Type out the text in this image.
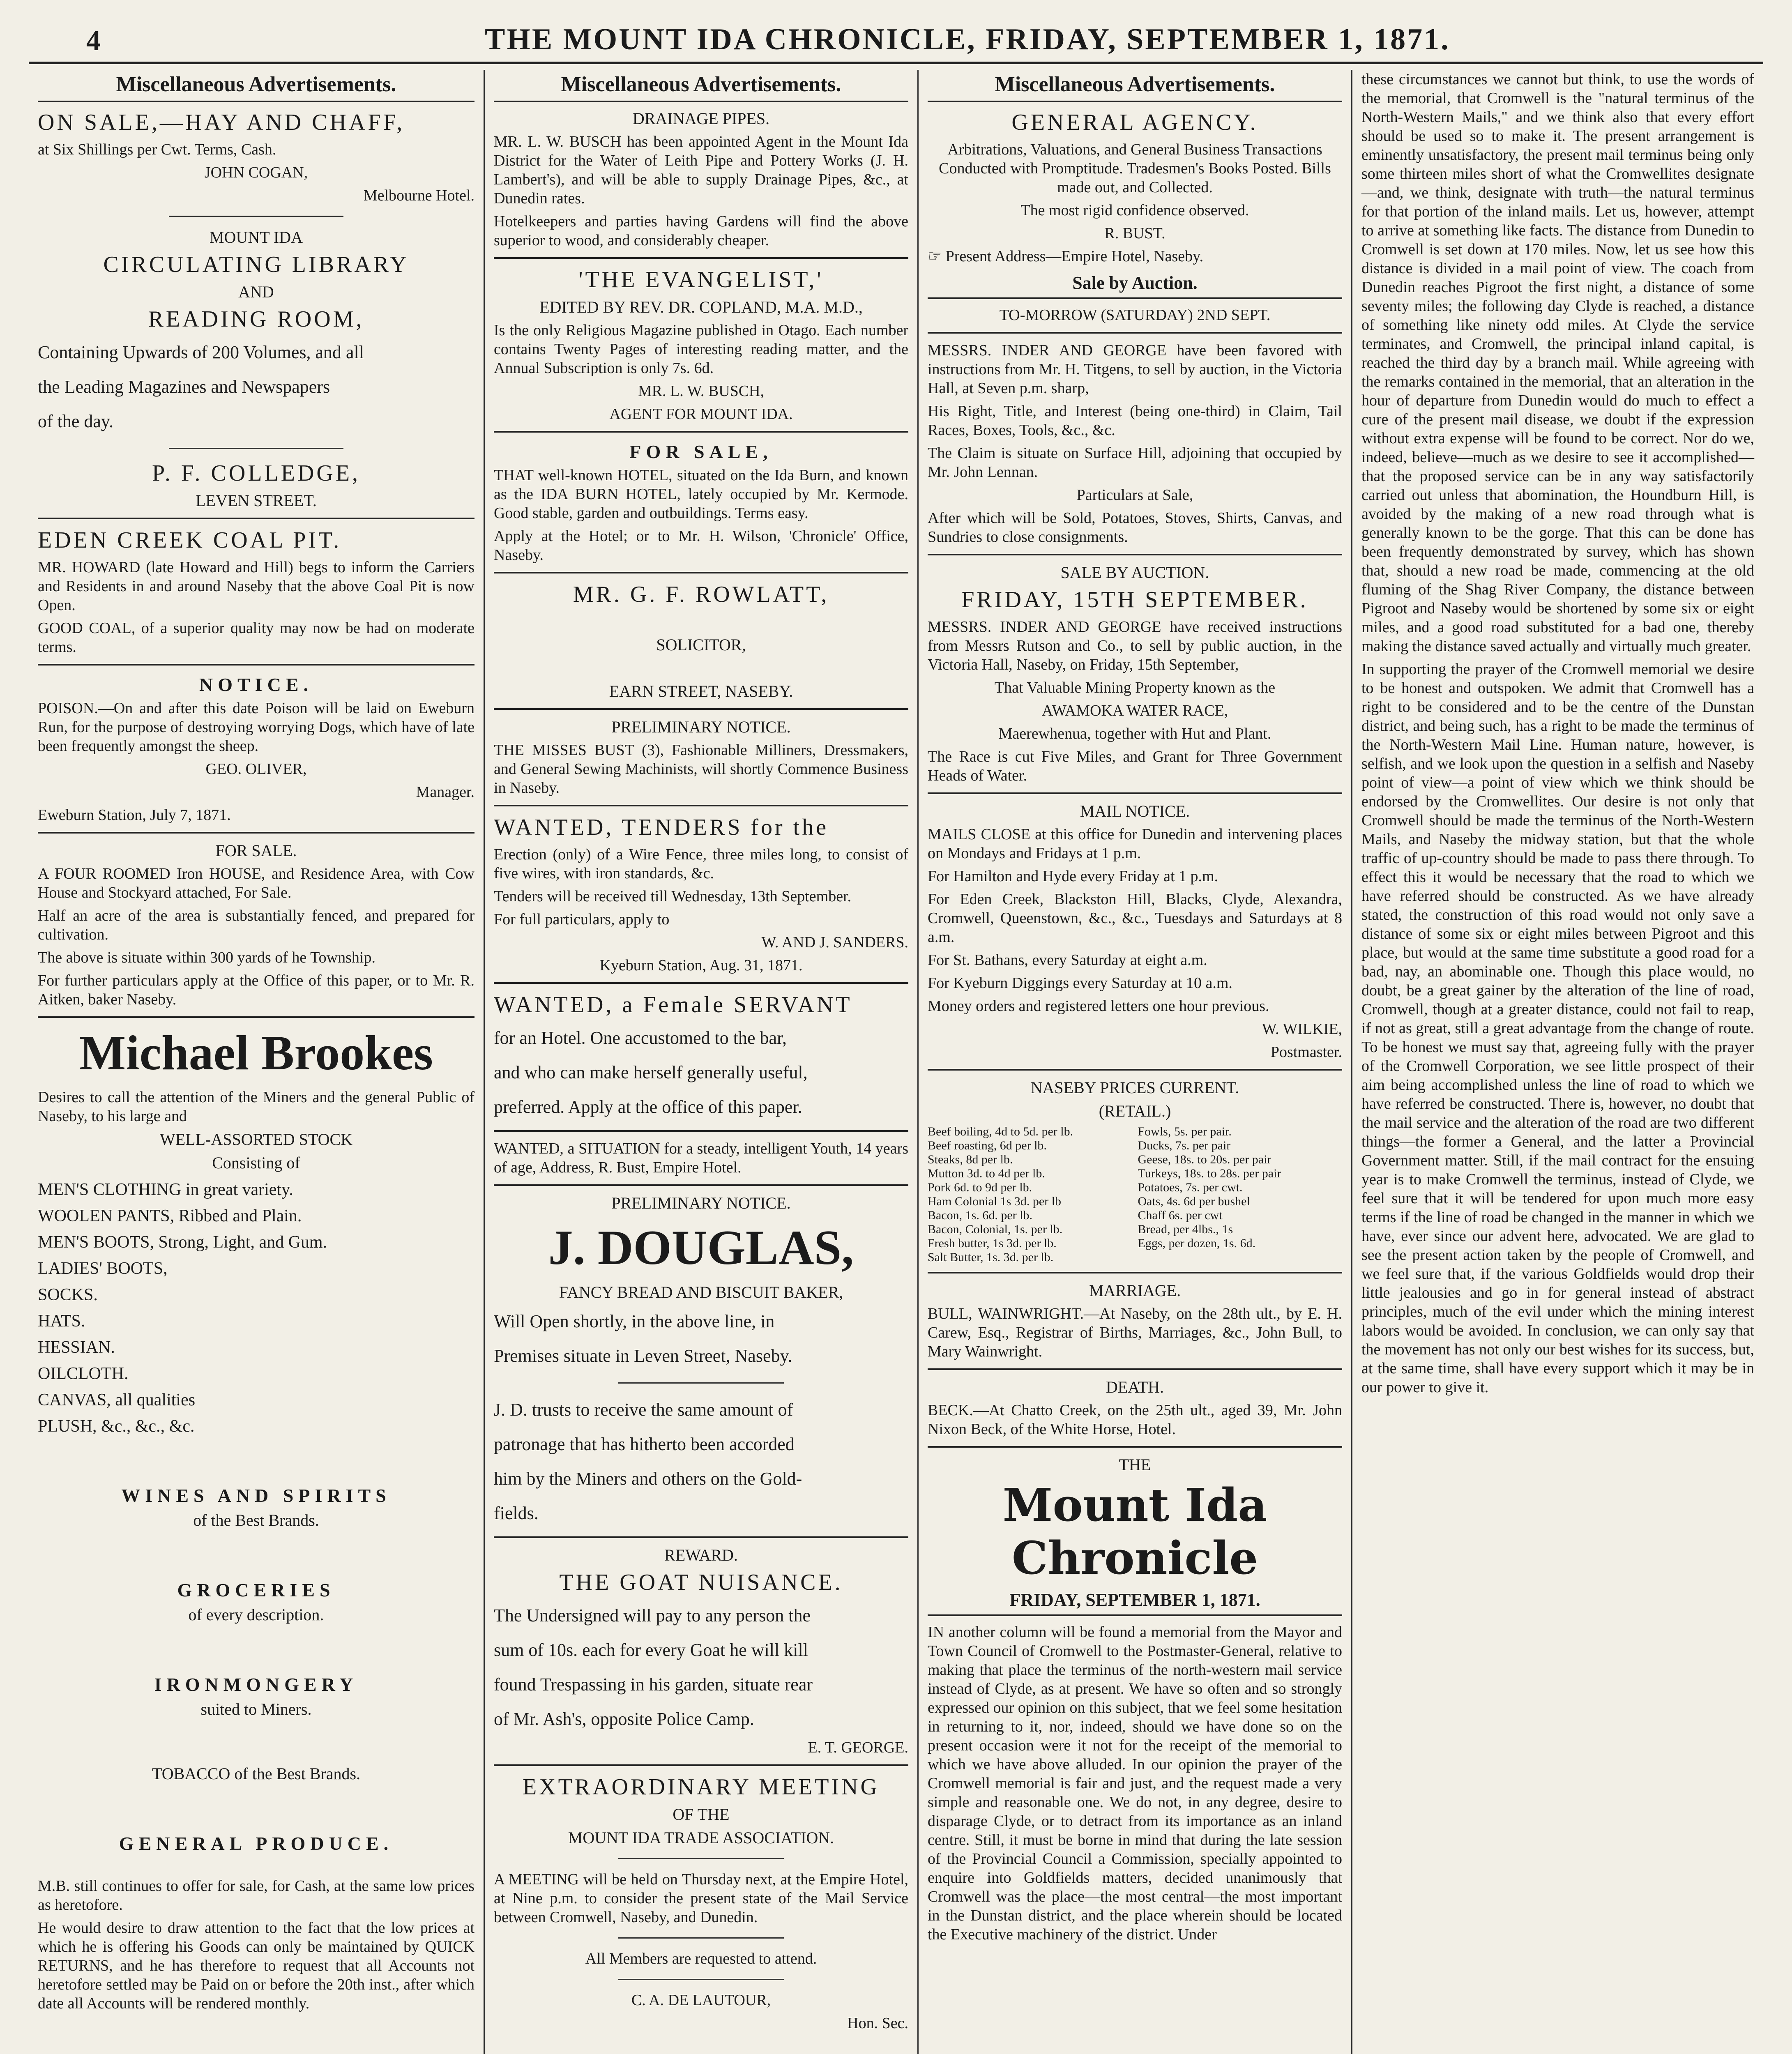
4	THE MOUNT IDA CHRONICLE, FRIDAY, SEPTEMBER 1, 1871.
Miscellaneous Advertisements.
ON SALE,—HAY AND CHAFF,
at Six Shillings per Cwt. Terms, Cash.
JOHN COGAN,
Melbourne Hotel.
MOUNT IDA
CIRCULATING LIBRARY
AND
READING ROOM,
Containing Upwards of 200 Volumes, and all
the Leading Magazines and Newspapers
of the day.
P. F. COLLEDGE,
LEVEN STREET.
EDEN CREEK COAL PIT.
MR. HOWARD (late Howard and Hill) begs to inform the Carriers and Residents in and around Naseby that the above Coal Pit is now Open.
GOOD COAL, of a superior quality may now be had on moderate terms.
NOTICE.
POISON.—On and after this date Poison will be laid on Eweburn Run, for the purpose of destroying worrying Dogs, which have of late been frequently amongst the sheep.
GEO. OLIVER,
Manager.
Eweburn Station, July 7, 1871.
FOR SALE.
A FOUR ROOMED Iron HOUSE, and Residence Area, with Cow House and Stockyard attached, For Sale.
Half an acre of the area is substantially fenced, and prepared for cultivation.
The above is situate within 300 yards of he Township.
For further particulars apply at the Office of this paper, or to Mr. R. Aitken, baker Naseby.
Michael Brookes
Desires to call the attention of the Miners and the general Public of Naseby, to his large and
WELL-ASSORTED STOCK
Consisting of
MEN'S CLOTHING in great variety.
WOOLEN PANTS, Ribbed and Plain.
MEN'S BOOTS, Strong, Light, and Gum.
LADIES' BOOTS,
SOCKS.
HATS.
HESSIAN.
OILCLOTH.
CANVAS, all qualities
PLUSH, &c., &c., &c.
WINES AND SPIRITS
of the Best Brands.
GROCERIES
of every description.
IRONMONGERY
suited to Miners.
TOBACCO of the Best Brands.
GENERAL PRODUCE.
M.B. still continues to offer for sale, for Cash, at the same low prices as heretofore.
He would desire to draw attention to the fact that the low prices at which he is offering his Goods can only be maintained by QUICK RETURNS, and he has therefore to request that all Accounts not heretofore settled may be Paid on or before the 20th inst., after which date all Accounts will be rendered monthly.
Miscellaneous Advertisements.
DRAINAGE PIPES.
MR. L. W. BUSCH has been appointed Agent in the Mount Ida District for the Water of Leith Pipe and Pottery Works (J. H. Lambert's), and will be able to supply Drainage Pipes, &c., at Dunedin rates.
Hotelkeepers and parties having Gardens will find the above superior to wood, and considerably cheaper.
'THE EVANGELIST,'
EDITED BY REV. DR. COPLAND, M.A. M.D.,
Is the only Religious Magazine published in Otago. Each number contains Twenty Pages of interesting reading matter, and the Annual Subscription is only 7s. 6d.
MR. L. W. BUSCH,
AGENT FOR MOUNT IDA.
FOR SALE,
THAT well-known HOTEL, situated on the Ida Burn, and known as the IDA BURN HOTEL, lately occupied by Mr. Kermode. Good stable, garden and outbuildings. Terms easy.
Apply at the Hotel; or to Mr. H. Wilson, 'Chronicle' Office, Naseby.
MR. G. F. ROWLATT,
SOLICITOR,
EARN STREET, NASEBY.
PRELIMINARY NOTICE.
THE MISSES BUST (3), Fashionable Milliners, Dressmakers, and General Sewing Machinists, will shortly Commence Business in Naseby.
WANTED, TENDERS for the
Erection (only) of a Wire Fence, three miles long, to consist of five wires, with iron standards, &c.
Tenders will be received till Wednesday, 13th September.
For full particulars, apply to
W. AND J. SANDERS.
Kyeburn Station, Aug. 31, 1871.
WANTED, a Female SERVANT
for an Hotel. One accustomed to the bar,
and who can make herself generally useful,
preferred. Apply at the office of this paper.
WANTED, a SITUATION for a steady, intelligent Youth, 14 years of age, Address, R. Bust, Empire Hotel.
PRELIMINARY NOTICE.
J. DOUGLAS,
FANCY BREAD AND BISCUIT BAKER,
Will Open shortly, in the above line, in
Premises situate in Leven Street, Naseby.
J. D. trusts to receive the same amount of
patronage that has hitherto been accorded
him by the Miners and others on the Gold-
fields.
REWARD.
THE GOAT NUISANCE.
The Undersigned will pay to any person the
sum of 10s. each for every Goat he will kill
found Trespassing in his garden, situate rear
of Mr. Ash's, opposite Police Camp.
E. T. GEORGE.
EXTRAORDINARY MEETING
OF THE
MOUNT IDA TRADE ASSOCIATION.
A MEETING will be held on Thursday next, at the Empire Hotel, at Nine p.m. to consider the present state of the Mail Service between Cromwell, Naseby, and Dunedin.
All Members are requested to attend.
C. A. DE LAUTOUR,
Hon. Sec.
Miscellaneous Advertisements.
GENERAL AGENCY.
Arbitrations, Valuations, and General Business Transactions Conducted with Promptitude. Tradesmen's Books Posted. Bills made out, and Collected.
The most rigid confidence observed.
R. BUST.
☞ Present Address—Empire Hotel, Naseby.
Sale by Auction.
TO-MORROW (SATURDAY) 2ND SEPT.
MESSRS. INDER AND GEORGE have been favored with instructions from Mr. H. Titgens, to sell by auction, in the Victoria Hall, at Seven p.m. sharp,
His Right, Title, and Interest (being one-third) in Claim, Tail Races, Boxes, Tools, &c., &c.
The Claim is situate on Surface Hill, adjoining that occupied by Mr. John Lennan.
Particulars at Sale,
After which will be Sold, Potatoes, Stoves, Shirts, Canvas, and Sundries to close consignments.
SALE BY AUCTION.
FRIDAY, 15TH SEPTEMBER.
MESSRS. INDER AND GEORGE have received instructions from Messrs Rutson and Co., to sell by public auction, in the Victoria Hall, Naseby, on Friday, 15th September,
That Valuable Mining Property known as the
AWAMOKA WATER RACE,
Maerewhenua, together with Hut and Plant.
The Race is cut Five Miles, and Grant for Three Government Heads of Water.
MAIL NOTICE.
MAILS CLOSE at this office for Dunedin and intervening places on Mondays and Fridays at 1 p.m.
For Hamilton and Hyde every Friday at 1 p.m.
For Eden Creek, Blackston Hill, Blacks, Clyde, Alexandra, Cromwell, Queenstown, &c., &c., Tuesdays and Saturdays at 8 a.m.
For St. Bathans, every Saturday at eight a.m.
For Kyeburn Diggings every Saturday at 10 a.m.
Money orders and registered letters one hour previous.
W. WILKIE,
Postmaster.
NASEBY PRICES CURRENT.
(RETAIL.)
Beef boiling, 4d to 5d. per lb.
Beef roasting, 6d per lb.
Steaks, 8d per lb.
Mutton 3d. to 4d per lb.
Pork 6d. to 9d per lb.
Ham Colonial 1s 3d. per lb
Bacon, 1s. 6d. per lb.
Bacon, Colonial, 1s. per lb.
Fresh butter, 1s 3d. per lb.
Salt Butter, 1s. 3d. per lb.
Fowls, 5s. per pair.
Ducks, 7s. per pair
Geese, 18s. to 20s. per pair
Turkeys, 18s. to 28s. per pair
Potatoes, 7s. per cwt.
Oats, 4s. 6d per bushel
Chaff 6s. per cwt
Bread, per 4lbs., 1s
Eggs, per dozen, 1s. 6d.
MARRIAGE.
BULL, WAINWRIGHT.—At Naseby, on the 28th ult., by E. H. Carew, Esq., Registrar of Births, Marriages, &c., John Bull, to Mary Wainwright.
DEATH.
BECK.—At Chatto Creek, on the 25th ult., aged 39, Mr. John Nixon Beck, of the White Horse, Hotel.
THE
Mount Ida Chronicle
FRIDAY, SEPTEMBER 1, 1871.
IN another column will be found a memorial from the Mayor and Town Council of Cromwell to the Postmaster-General, relative to making that place the terminus of the north-western mail service instead of Clyde, as at present. We have so often and so strongly expressed our opinion on this subject, that we feel some hesitation in returning to it, nor, indeed, should we have done so on the present occasion were it not for the receipt of the memorial to which we have above alluded. In our opinion the prayer of the Cromwell memorial is fair and just, and the request made a very simple and reasonable one. We do not, in any degree, desire to disparage Clyde, or to detract from its importance as an inland centre. Still, it must be borne in mind that during the late session of the Provincial Council a Commission, specially appointed to enquire into Goldfields matters, decided unanimously that Cromwell was the place—the most central—the most important in the Dunstan district, and the place wherein should be located the Executive machinery of the district. Under
these circumstances we cannot but think, to use the words of the memorial, that Cromwell is the "natural terminus of the North-Western Mails," and we think also that every effort should be used so to make it. The present arrangement is eminently unsatisfactory, the present mail terminus being only some thirteen miles short of what the Cromwellites designate—and, we think, designate with truth—the natural terminus for that portion of the inland mails. Let us, however, attempt to arrive at something like facts. The distance from Dunedin to Cromwell is set down at 170 miles. Now, let us see how this distance is divided in a mail point of view. The coach from Dunedin reaches Pigroot the first night, a distance of some seventy miles; the following day Clyde is reached, a distance of something like ninety odd miles. At Clyde the service terminates, and Cromwell, the principal inland capital, is reached the third day by a branch mail. While agreeing with the remarks contained in the memorial, that an alteration in the hour of departure from Dunedin would do much to effect a cure of the present mail disease, we doubt if the expression without extra expense will be found to be correct. Nor do we, indeed, believe—much as we desire to see it accomplished—that the proposed service can be in any way satisfactorily carried out unless that abomination, the Houndburn Hill, is avoided by the making of a new road through what is generally known to be the gorge. That this can be done has been frequently demonstrated by survey, which has shown that, should a new road be made, commencing at the old fluming of the Shag River Company, the distance between Pigroot and Naseby would be shortened by some six or eight miles, and a good road substituted for a bad one, thereby making the distance saved actually and virtually much greater.
In supporting the prayer of the Cromwell memorial we desire to be honest and outspoken. We admit that Cromwell has a right to be considered and to be the centre of the Dunstan district, and being such, has a right to be made the terminus of the North-Western Mail Line. Human nature, however, is selfish, and we look upon the question in a selfish and Naseby point of view—a point of view which we think should be endorsed by the Cromwellites. Our desire is not only that Cromwell should be made the terminus of the North-Western Mails, and Naseby the midway station, but that the whole traffic of up-country should be made to pass there through. To effect this it would be necessary that the road to which we have referred should be constructed. As we have already stated, the construction of this road would not only save a distance of some six or eight miles between Pigroot and this place, but would at the same time substitute a good road for a bad, nay, an abominable one. Though this place would, no doubt, be a great gainer by the alteration of the line of road, Cromwell, though at a greater distance, could not fail to reap, if not as great, still a great advantage from the change of route. To be honest we must say that, agreeing fully with the prayer of the Cromwell Corporation, we see little prospect of their aim being accomplished unless the line of road to which we have referred be constructed. There is, however, no doubt that the mail service and the alteration of the road are two different things—the former a General, and the latter a Provincial Government matter. Still, if the mail contract for the ensuing year is to make Cromwell the terminus, instead of Clyde, we feel sure that it will be tendered for upon much more easy terms if the line of road be changed in the manner in which we have, ever since our advent here, advocated. We are glad to see the present action taken by the people of Cromwell, and we feel sure that, if the various Goldfields would drop their little jealousies and go in for general instead of abstract principles, much of the evil under which the mining interest labors would be avoided. In conclusion, we can only say that the movement has not only our best wishes for its success, but, at the same time, shall have every support which it may be in our power to give it.
